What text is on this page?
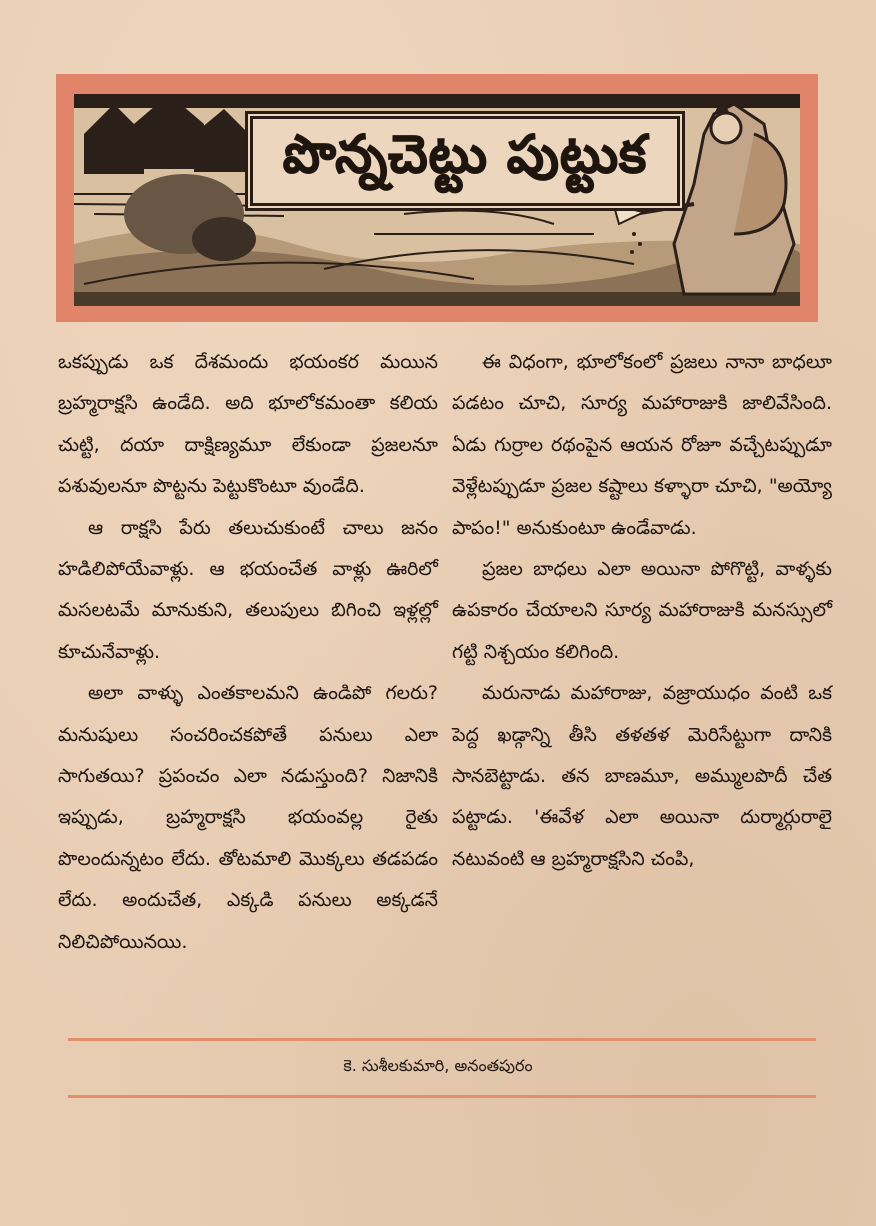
పొన్నచెట్టు పుట్టుక

ఒకప్పుడు ఒక దేశమందు భయంకర మయిన బ్రహ్మరాక్షసి ఉండేది. అది భూలోకమంతా కలియ చుట్టి, దయా దాక్షిణ్యమూ లేకుండా ప్రజలనూ పశువులనూ పొట్టను పెట్టుకొంటూ వుండేది.

ఆ రాక్షసి పేరు తలుచుకుంటే చాలు జనం హడిలిపోయేవాళ్లు. ఆ భయంచేత వాళ్లు ఊరిలో మసలటమే మానుకుని, తలుపులు బిగించి ఇళ్లల్లో కూచునేవాళ్లు.

అలా వాళ్ళు ఎంతకాలమని ఉండిపో గలరు? మనుషులు సంచరించకపోతే పనులు ఎలా సాగుతయి? ప్రపంచం ఎలా నడుస్తుంది? నిజానికి ఇప్పుడు, బ్రహ్మరాక్షసి భయంవల్ల రైతు పొలందున్నటం లేదు. తోటమాలి మొక్కలు తడపడం లేదు. అందుచేత, ఎక్కడి పనులు అక్కడనే నిలిచిపోయినయి.

ఈ విధంగా, భూలోకంలో ప్రజలు నానా బాధలూ పడటం చూచి, సూర్య మహారాజుకి జాలివేసింది. ఏడు గుర్రాల రథంపైన ఆయన రోజూ వచ్చేటప్పుడూ వెళ్లేటప్పుడూ ప్రజల కష్టాలు కళ్ళారా చూచి, "అయ్యో పాపం!" అనుకుంటూ ఉండేవాడు.

ప్రజల బాధలు ఎలా అయినా పోగొట్టి, వాళ్ళకు ఉపకారం చేయాలని సూర్య మహారాజుకి మనస్సులో గట్టి నిశ్చయం కలిగింది.

మరునాడు మహారాజు, వజ్రాయుధం వంటి ఒక పెద్ద ఖడ్గాన్ని తీసి తళతళ మెరిసేట్టుగా దానికి సానబెట్టాడు. తన బాణమూ, అమ్ములపొదీ చేత పట్టాడు. 'ఈవేళ ఎలా అయినా దుర్మార్గురాలై నటువంటి ఆ బ్రహ్మరాక్షసిని చంపి,

కె. సుశీలకుమారి, అనంతపురం
